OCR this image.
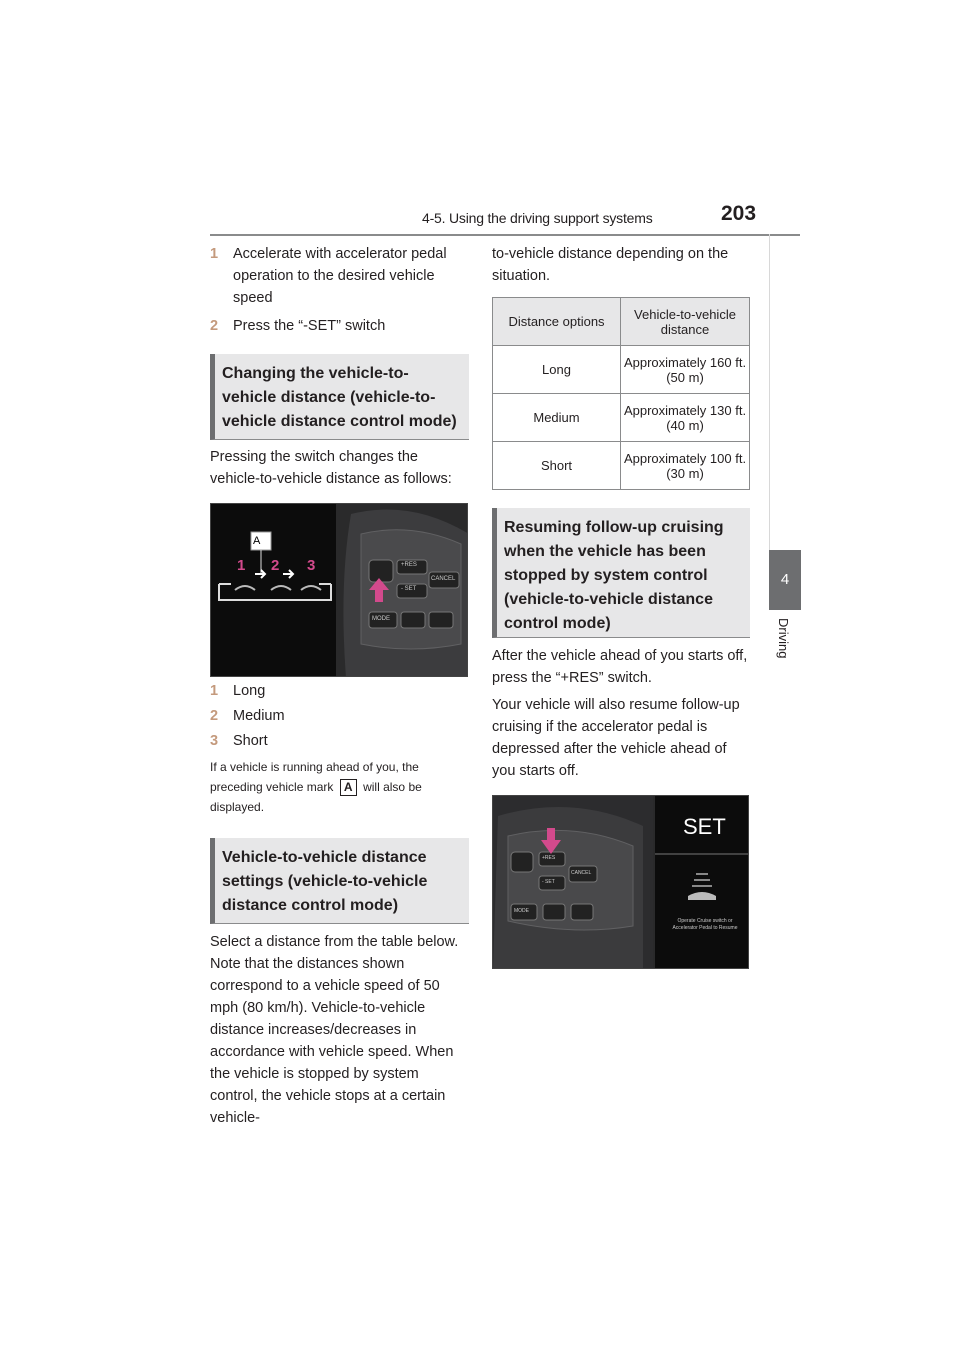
4-5. Using the driving support systems	203
4
Driving
1 Accelerate with accelerator pedal operation to the desired vehicle speed
2 Press the “-SET” switch
Changing the vehicle-to-vehicle distance (vehicle-to-vehicle distance control mode)
Pressing the switch changes the vehicle-to-vehicle distance as follows:
A
1 2 3	+RES
- SET
CANCEL
MODE
1 Long
2 Medium
3 Short
If a vehicle is running ahead of you, the preceding vehicle mark A will also be displayed.
Vehicle-to-vehicle distance settings (vehicle-to-vehicle distance control mode)
Select a distance from the table below. Note that the distances shown correspond to a vehicle speed of 50 mph (80 km/h). Vehicle-to-vehicle distance increases/decreases in accordance with vehicle speed. When the vehicle is stopped by system control, the vehicle stops at a certain vehicle-
to-vehicle distance depending on the situation.
Distance options	Vehicle-to-vehicle distance
Long	Approximately 160 ft. (50 m)
Medium	Approximately 130 ft. (40 m)
Short	Approximately 100 ft. (30 m)
Resuming follow-up cruising when the vehicle has been stopped by system control (vehicle-to-vehicle distance control mode)
After the vehicle ahead of you starts off, press the “+RES” switch.
Your vehicle will also resume follow-up cruising if the accelerator pedal is depressed after the vehicle ahead of you starts off.
SET
Operate Cruise switch or Accelerator Pedal to Resume
+RES
- SET
CANCEL
MODE
